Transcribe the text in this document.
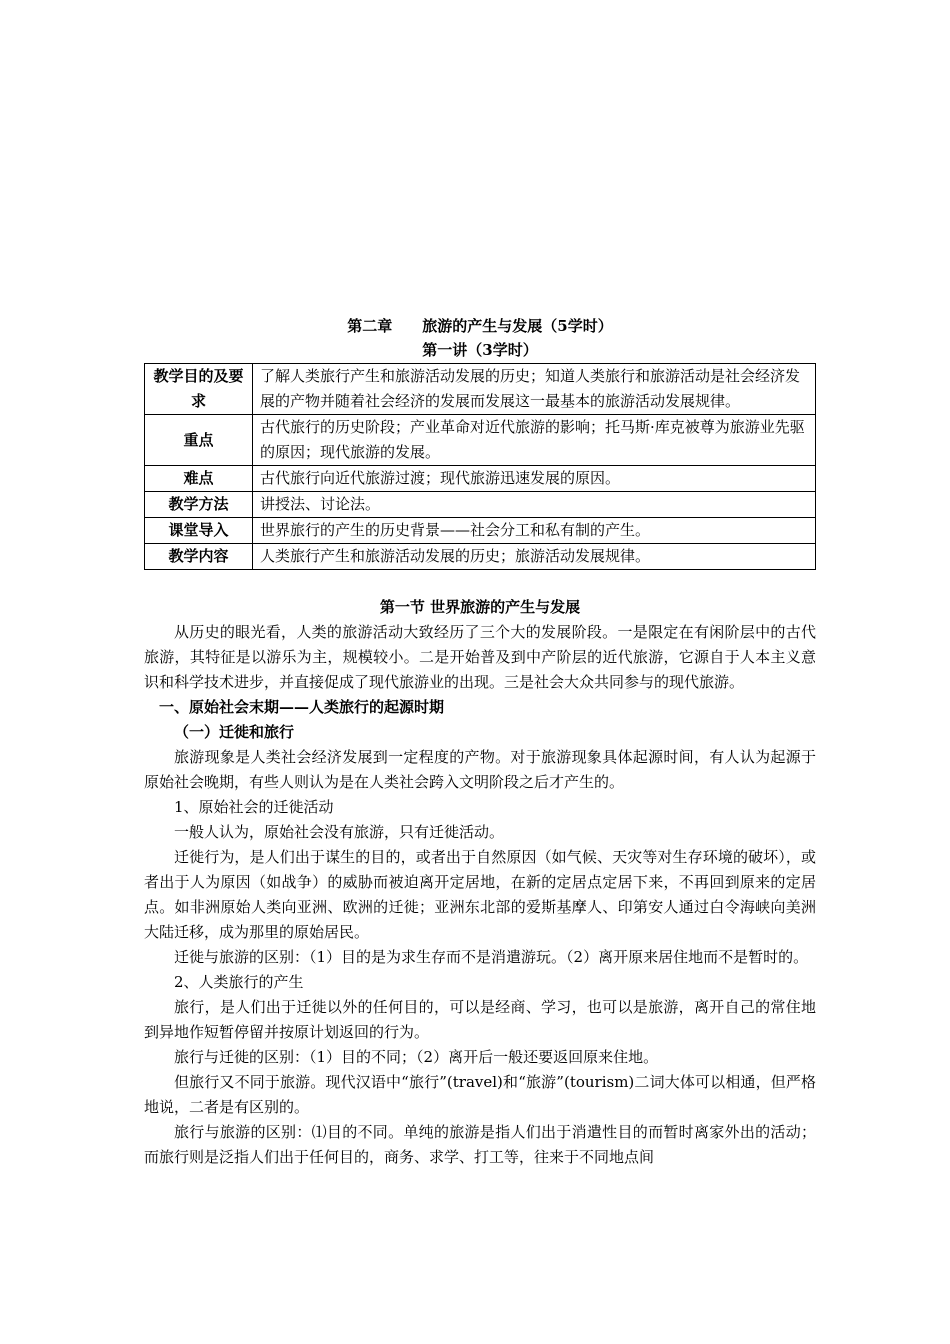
第二章　　旅游的产生与发展（5学时）
第一讲（3学时）
教学目的及要求	了解人类旅行产生和旅游活动发展的历史；知道人类旅行和旅游活动是社会经济发展的产物并随着社会经济的发展而发展这一最基本的旅游活动发展规律。
重点	古代旅行的历史阶段；产业革命对近代旅游的影响；托马斯·库克被尊为旅游业先驱的原因；现代旅游的发展。
难点	古代旅行向近代旅游过渡；现代旅游迅速发展的原因。
教学方法	讲授法、讨论法。
课堂导入	世界旅行的产生的历史背景——社会分工和私有制的产生。
教学内容	人类旅行产生和旅游活动发展的历史；旅游活动发展规律。

第一节 世界旅游的产生与发展

从历史的眼光看，人类的旅游活动大致经历了三个大的发展阶段。一是限定在有闲阶层中的古代旅游，其特征是以游乐为主，规模较小。二是开始普及到中产阶层的近代旅游，它源自于人本主义意识和科学技术进步，并直接促成了现代旅游业的出现。三是社会大众共同参与的现代旅游。

一、原始社会末期——人类旅行的起源时期

（一）迁徙和旅行

旅游现象是人类社会经济发展到一定程度的产物。对于旅游现象具体起源时间，有人认为起源于原始社会晚期，有些人则认为是在人类社会跨入文明阶段之后才产生的。

1、原始社会的迁徙活动

一般人认为，原始社会没有旅游，只有迁徙活动。

迁徙行为，是人们出于谋生的目的，或者出于自然原因（如气候、天灾等对生存环境的破坏），或者出于人为原因（如战争）的威胁而被迫离开定居地，在新的定居点定居下来，不再回到原来的定居点。如非洲原始人类向亚洲、欧洲的迁徙；亚洲东北部的爱斯基摩人、印第安人通过白令海峡向美洲大陆迁移，成为那里的原始居民。

迁徙与旅游的区别：（1）目的是为求生存而不是消遣游玩。（2）离开原来居住地而不是暂时的。

2、人类旅行的产生

旅行，是人们出于迁徙以外的任何目的，可以是经商、学习，也可以是旅游，离开自己的常住地到异地作短暂停留并按原计划返回的行为。

旅行与迁徙的区别：（1）目的不同；（2）离开后一般还要返回原来住地。

但旅行又不同于旅游。现代汉语中“旅行”(travel)和“旅游”(tourism)二词大体可以相通，但严格地说，二者是有区别的。

旅行与旅游的区别：⑴目的不同。单纯的旅游是指人们出于消遣性目的而暂时离家外出的活动；而旅行则是泛指人们出于任何目的，商务、求学、打工等，往来于不同地点间
